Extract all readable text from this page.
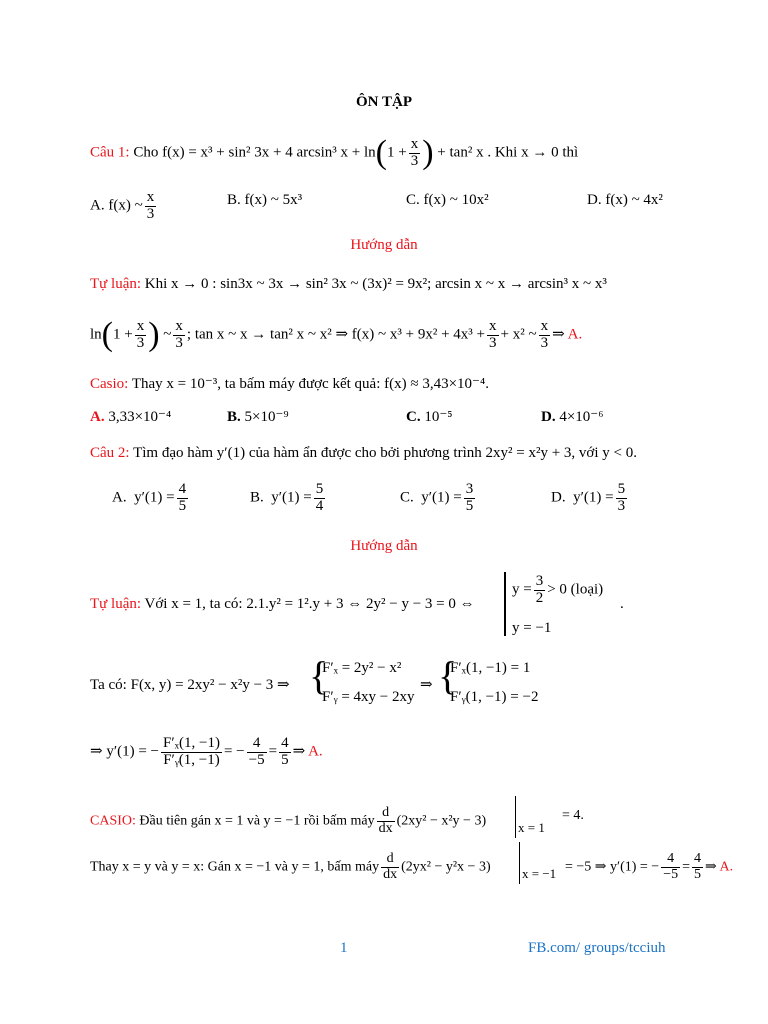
ÔN TẬP
Câu 1: Cho f(x) = x³ + sin² 3x + 4 arcsin³ $x + \ln(1 + \frac{x}{3}$ ) + tan² x . Khi x → 0 thì
A. f(x) ~ $\frac{x}{3}$	B. f(x) ~ 5x³	C. f(x) ~ 10x²	D. f(x) ~ 4x²
Hướng dẫn
Tự luận: Khi x → 0 : sin3x ~ 3x → sin² 3x ~ (3x)² = 9x²; arcsin x ~ x → arcsin³ x ~ x³
$\ln(1 + \frac{x}{3}$ ) ~ $\frac{x}{3}$ ; tan x ~ x → tan² x ~ x² ⇒ f(x) ~ $x^3 + 9x^2 + 4x^3 + \frac{x}{3} + x^2$ ~ $\frac{x}{3}$ ⇒ A.
Casio: Thay x = 10⁻³, ta bấm máy được kết quả: f(x) ≈ 3,43×10⁻⁴.
A. 3,33×10⁻⁴	B. 5×10⁻⁹	C. 10⁻⁵	D. 4×10⁻⁶
Câu 2: Tìm đạo hàm y′(1) của hàm ẩn được cho bởi phương trình 2xy² = x²y + 3, với y < 0.
A. $y'(1) = \frac{4}{5}$	B. $y'(1) = \frac{5}{4}$	C. $y'(1) = \frac{3}{5}$	D. $y'(1) = \frac{5}{3}$
Hướng dẫn
Tự luận: Với x = 1, ta có: 2.1.y² = 1².y + 3 ⇔ 2y² − y − 3 = 0 ⇔
$y = \frac{3}{2} > 0$ (loại)
y = −1
.
Ta có: F(x, y) = 2xy² − x²y − 3 ⇒ {
F′ₓ = 2y² − x²
F′ᵧ = 4xy − 2xy
⇒ {
F′ₓ(1, −1) = 1
F′ᵧ(1, −1) = −2
⇒ y′(1) = − $\frac{\text{F′ₓ(1, −1)}}{\text{F′ᵧ(1, −1)}}$ = − $\frac{4}{-5} = \frac{4}{5}$ ⇒ A.
CASIO: Đầu tiên gán x = 1 và y = −1 rồi bấm máy $\frac{d}{dx} (2xy^2 - x^2y - 3) x = 1$
= 4.
Thay x = y và y = x: Gán x = −1 và y = 1, bấm máy $\frac{d}{dx} (2yx^2 - y^2x - 3) x = -1 = -5$ ⇒ y′(1) = − $\frac{4}{-5} = \frac{4}{5}$ ⇒ A.
1	FB.com/ groups/tcciuh
